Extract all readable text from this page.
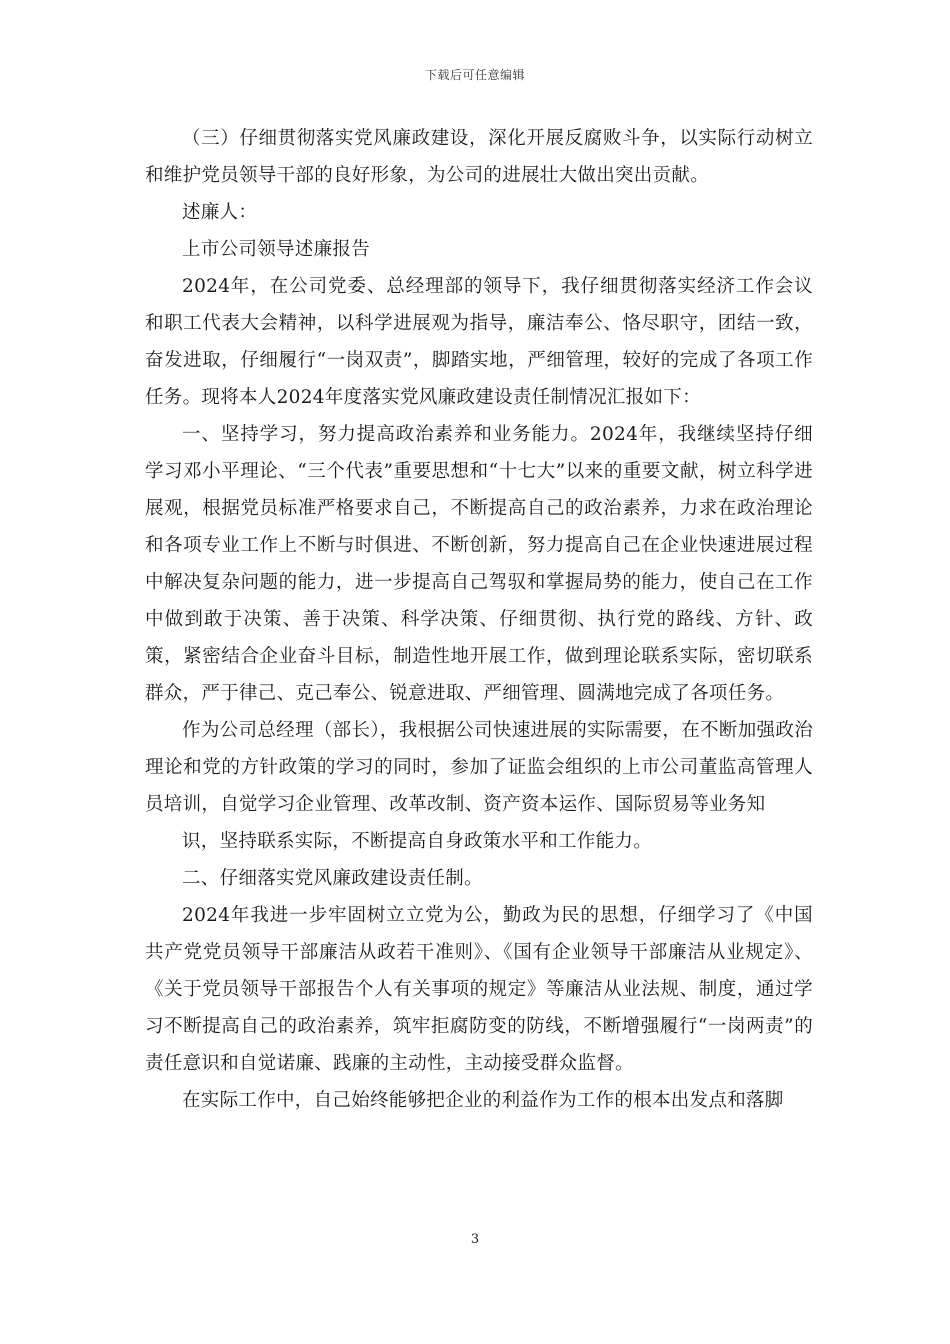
下载后可任意编辑

（三）仔细贯彻落实党风廉政建设，深化开展反腐败斗争，以实际行动树立和维护党员领导干部的良好形象，为公司的进展壮大做出突出贡献。

述廉人：

上市公司领导述廉报告

2024年，在公司党委、总经理部的领导下，我仔细贯彻落实经济工作会议和职工代表大会精神，以科学进展观为指导，廉洁奉公、恪尽职守，团结一致，奋发进取，仔细履行“一岗双责”，脚踏实地，严细管理，较好的完成了各项工作任务。现将本人2024年度落实党风廉政建设责任制情况汇报如下：

一、坚持学习，努力提高政治素养和业务能力。2024年，我继续坚持仔细学习邓小平理论、“三个代表”重要思想和“十七大”以来的重要文献，树立科学进展观，根据党员标准严格要求自己，不断提高自己的政治素养，力求在政治理论和各项专业工作上不断与时俱进、不断创新，努力提高自己在企业快速进展过程中解决复杂问题的能力，进一步提高自己驾驭和掌握局势的能力，使自己在工作中做到敢于决策、善于决策、科学决策、仔细贯彻、执行党的路线、方针、政策，紧密结合企业奋斗目标，制造性地开展工作，做到理论联系实际，密切联系群众，严于律己、克己奉公、锐意进取、严细管理、圆满地完成了各项任务。

作为公司总经理（部长），我根据公司快速进展的实际需要，在不断加强政治理论和党的方针政策的学习的同时，参加了证监会组织的上市公司董监高管理人员培训，自觉学习企业管理、改革改制、资产资本运作、国际贸易等业务知

识，坚持联系实际，不断提高自身政策水平和工作能力。

二、仔细落实党风廉政建设责任制。

2024年我进一步牢固树立立党为公，勤政为民的思想，仔细学习了《中国共产党党员领导干部廉洁从政若干准则》、《国有企业领导干部廉洁从业规定》、《关于党员领导干部报告个人有关事项的规定》等廉洁从业法规、制度，通过学习不断提高自己的政治素养，筑牢拒腐防变的防线，不断增强履行“一岗两责”的责任意识和自觉诺廉、践廉的主动性，主动接受群众监督。

在实际工作中，自己始终能够把企业的利益作为工作的根本出发点和落脚

3
